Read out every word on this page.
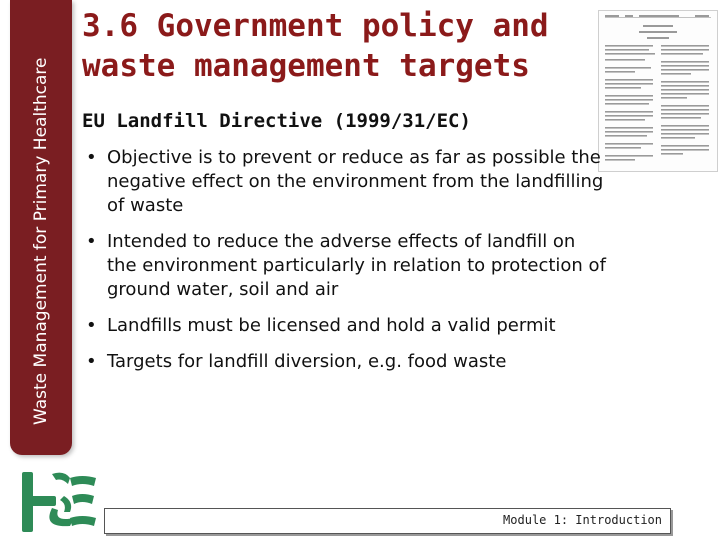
Waste Management for Primary Healthcare
3.6 Government policy and
waste management targets
EU Landfill Directive (1999/31/EC)
• Objective is to prevent or reduce as far as possible the negative effect on the environment from the landfilling of waste
• Intended to reduce the adverse effects of landfill on the environment particularly in relation to protection of ground water, soil and air
• Landfills must be licensed and hold a valid permit
• Targets for landfill diversion, e.g. food waste
Module 1: Introduction
